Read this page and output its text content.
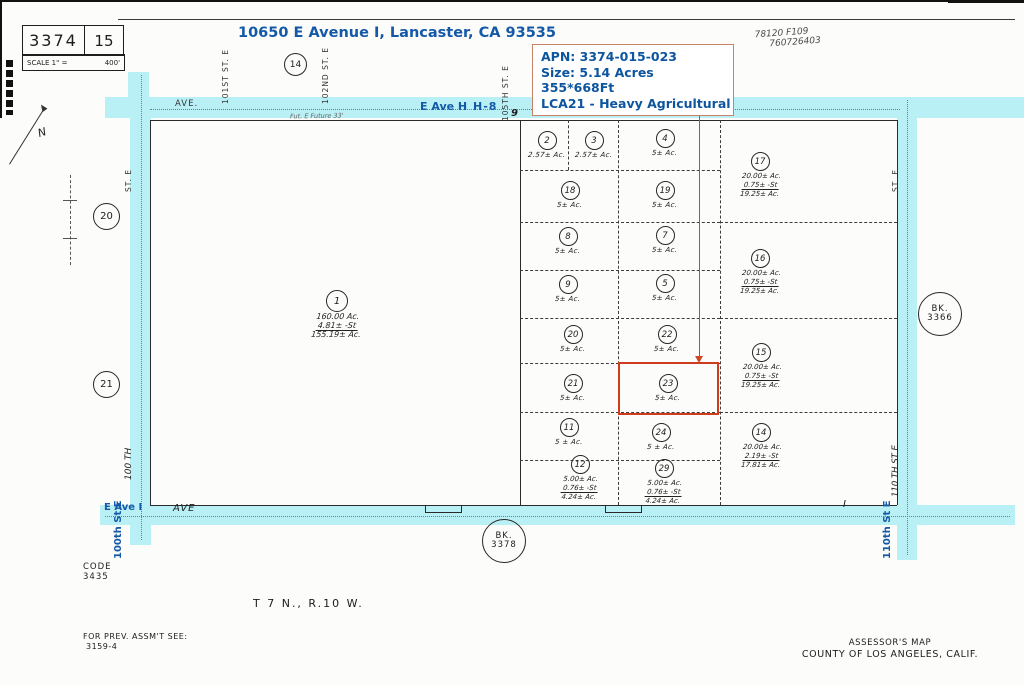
3374	15
SCALE 1" =	400'
10650 E Avenue I, Lancaster, CA 93535	78120 F109
760726403
APN: 3374-015-023
Size: 5.14 Acres
355*668Ft
LCA21 - Heavy Agricultural
AVE.	E Ave H H-8
101ST ST. E	102ND ST. E	105TH ST. E
ST. E	ST. E
100 TH	110 TH ST E
100th St E	110th St E
E Ave I	AVE	I
9
Fut. E Future 33'
N
14
20
21
BK.
3366
BK.
3378
1
160.00 Ac.
4.81± -St
155.19± Ac.
2
2.57± Ac.
3
2.57± Ac.
4
5± Ac.
18
5± Ac.
19
5± Ac.
8
5± Ac.
7
5± Ac.
9
5± Ac.
5
5± Ac.
20
5± Ac.
22
5± Ac.
21
5± Ac.
23
5± Ac.
11
5 ± Ac.
24
5 ± Ac.
12
5.00± Ac.
0.76± -St
4.24± Ac.
29
5.00± Ac.
0.76± -St
4.24± Ac.
17
20.00± Ac.
0.75± -St
19.25± Ac.
16
20.00± Ac.
0.75± -St
19.25± Ac.
15
20.00± Ac.
0.75± -St
19.25± Ac.
14
20.00± Ac.
2.19± -St
17.81± Ac.
CODE
3435
T 7 N., R.10 W.
FOR PREV. ASSM'T SEE:
3159-4	ASSESSOR'S MAP
COUNTY OF LOS ANGELES, CALIF.
